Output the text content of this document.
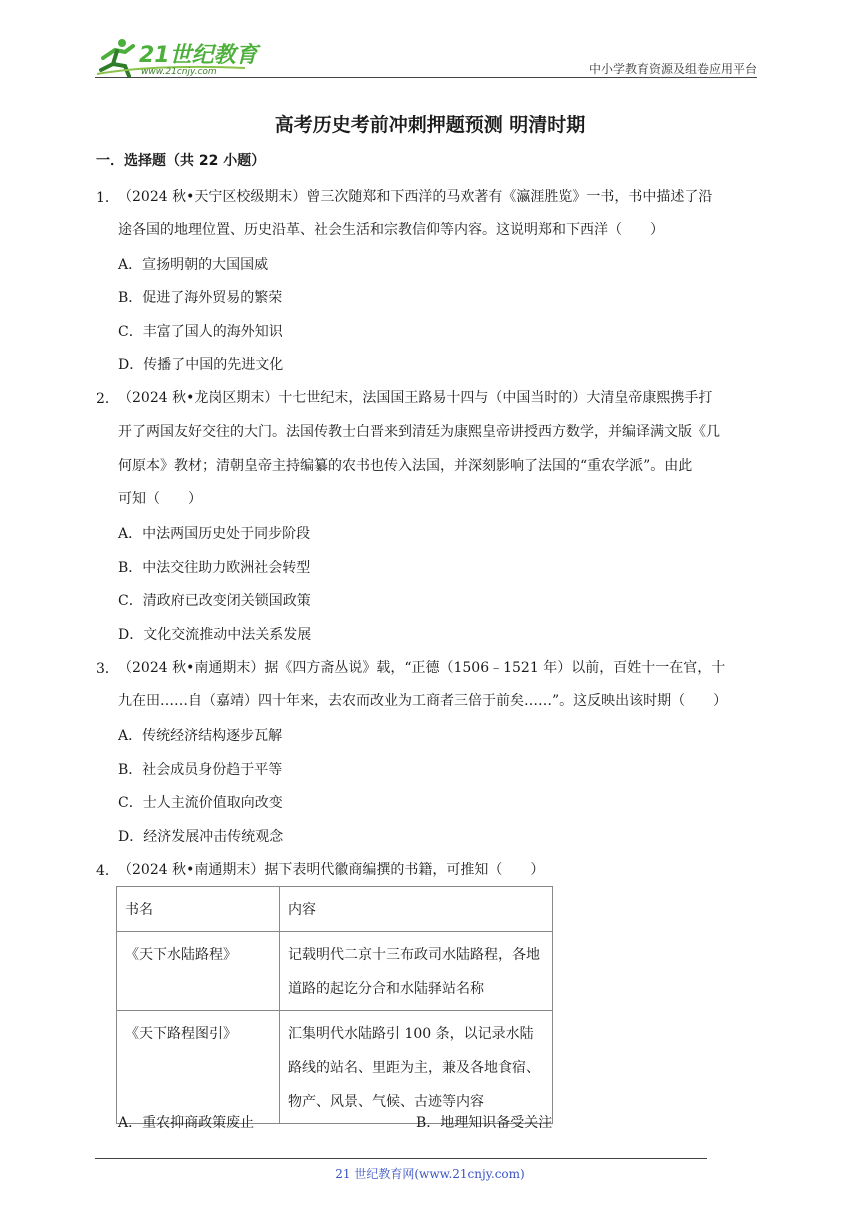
21世纪教育
www.21cnjy.com	中小学教育资源及组卷应用平台
高考历史考前冲刺押题预测 明清时期
一．选择题（共 22 小题）
1． （2024 秋•天宁区校级期末）曾三次随郑和下西洋的马欢著有《瀛涯胜览》一书，书中描述了沿
途各国的地理位置、历史沿革、社会生活和宗教信仰等内容。这说明郑和下西洋（　　）
A．宣扬明朝的大国国威
B．促进了海外贸易的繁荣
C．丰富了国人的海外知识
D．传播了中国的先进文化
2． （2024 秋•龙岗区期末）十七世纪末，法国国王路易十四与（中国当时的）大清皇帝康熙携手打
开了两国友好交往的大门。法国传教士白晋来到清廷为康熙皇帝讲授西方数学，并编译满文版《几
何原本》教材；清朝皇帝主持编纂的农书也传入法国，并深刻影响了法国的“重农学派”。由此
可知（　　）
A．中法两国历史处于同步阶段
B．中法交往助力欧洲社会转型
C．清政府已改变闭关锁国政策
D．文化交流推动中法关系发展
3． （2024 秋•南通期末）据《四方斋丛说》载，“正德（1506﹣1521 年）以前，百姓十一在官，十
九在田……自（嘉靖）四十年来，去农而改业为工商者三倍于前矣……”。这反映出该时期（　　）
A．传统经济结构逐步瓦解
B．社会成员身份趋于平等
C．士人主流价值取向改变
D．经济发展冲击传统观念
4． （2024 秋•南通期末）据下表明代徽商编撰的书籍，可推知（　　）
书名	内容
《天下水陆路程》	记载明代二京十三布政司水陆路程，各地道路的起讫分合和水陆驿站名称
《天下路程图引》	汇集明代水陆路引 100 条，以记录水陆路线的站名、里距为主，兼及各地食宿、物产、风景、气候、古迹等内容
A．重农抑商政策废止	B．地理知识备受关注
21 世纪教育网(www.21cnjy.com)
